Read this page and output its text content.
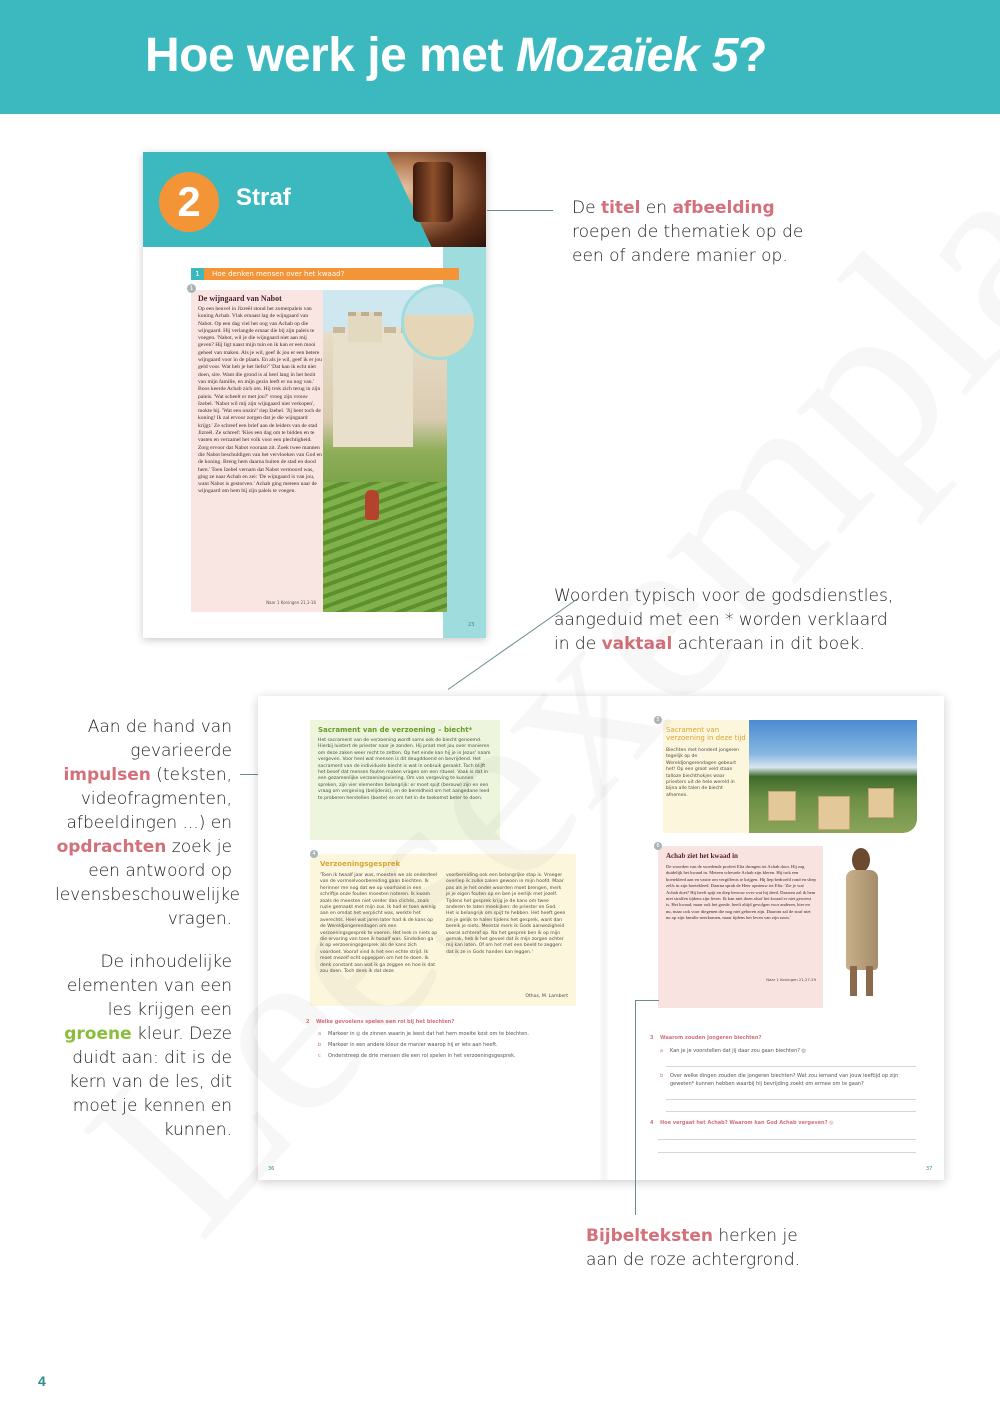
Hoe werk je met Mozaïek 5?
2	Straf
1	Hoe denken mensen over het kwaad?
1
De wijngaard van Nabot
Op een heuvel in Jizreël stond het zomerpaleis van koning Achab. Vlak ernaast lag de wijngaard van Nabot. Op een dag viel het oog van Achab op die wijngaard. Hij verlangde ernaar die bij zijn paleis te voegen. 'Nabot, wil je die wijngaard niet aan mij geven? Hij ligt naast mijn tuin en ik kan er een mooi geheel van maken. Als je wil, geef ik jou er een betere wijngaard voor in de plaats. En als je wil, geef ik er jou geld voor. Wat heb je het liefst?' 'Dat kan ik echt niet doen, sire. Want die grond is al heel lang in het bezit van mijn familie, en mijn gezin leeft er nu nog van.' Boos keerde Achab zich om. Hij trok zich terug in zijn paleis. 'Wat scheelt er met jou?' vroeg zijn vrouw Izebel. 'Nabot wil mij zijn wijngaard niet verkopen', mokte hij. 'Wat een onzin!' riep Izebel. 'Jij bent toch de koning! Ik zal ervoor zorgen dat je die wijngaard krijgt.' Ze schreef een brief aan de leiders van de stad Jizreël. Ze schreef: 'Kies een dag om te bidden en te vasten en verzamel het volk voor een plechtigheid. Zorg ervoor dat Nabot vooraan zit. Zoek twee mannen die Nabot beschuldigen van het vervloeken van God en de koning. Breng hem daarna buiten de stad en dood hem.' Toen Izebel vernam dat Nabot vermoord was, ging ze naar Achab en zei: 'De wijngaard is van jou, want Nabot is gestorven.' Achab ging meteen naar de wijngaard om hem bij zijn paleis te voegen.
Naar 1 Koningen 21,1-16
23
De titel en afbeelding roepen de thematiek op de een of andere manier op.
Woorden typisch voor de godsdienstles, aangeduid met een * worden verklaard in de vaktaal achteraan in dit boek.
Aan de hand van gevarieerde impulsen (teksten, videofragmenten, afbeeldingen ...) en opdrachten zoek je een antwoord op levensbeschouwelijke vragen.
De inhoudelijke elementen van een les krijgen een groene kleur. Deze duidt aan: dit is de kern van de les, dit moet je kennen en kunnen.
Sacrament van de verzoening – biecht*
Het sacrament van de verzoening wordt soms ook de biecht genoemd. Hierbij luistert de priester naar je zonden. Hij praat met jou over manieren om deze zaken weer recht te zetten. Op het einde kan hij je in Jezus' naam vergeven. Voor heel wat mensen is dit deugddoend en bevrijdend. Het sacrament van de individuele biecht is wat in onbruik geraakt. Toch blijft het besef dat mensen fouten maken vragen om een ritueel. Vaak is dat in een gezamenlijke verzoeningsviering. Om van vergeving te kunnen spreken, zijn vier elementen belangrijk: er moet spijt (berouw) zijn en een vraag om vergeving (belijdenis), en de bereidheid om het aangedane leed te proberen herstellen (boete) en om het in de toekomst beter te doen.
4
Verzoeningsgesprek
'Toen ik twaalf jaar was, moesten we als onderdeel van de vormselvoorbereiding gaan biechten. Ik herinner me nog dat we op voorhand in een schriftje onze fouten moesten noteren. Ik kwam zoals de meesten niet verder dan clichés, zoals ruzie gemaakt met mijn zus. Ik had er toen weinig aan en omdat het verplicht was, werkte het averechts. Heel wat jaren later had ik de kans op de Wereldjongerendagen om een verzoeningsgesprek te voeren. Het leek in niets op die ervaring van toen ik twaalf was. Sindsdien ga ik op verzoeningsgesprek als de kans zich voordoet. Vooraf vind ik het een echte strijd. Ik moet mezelf echt oppeppen om het te doen. Ik denk constant aan wat ik ga zeggen en hoe ik dat zou doen. Toch denk ik dat deze
voorbereiding ook een belangrijke stap is. Vroeger overliep ik zulke zaken gewoon in mijn hoofd. Maar pas als je het onder woorden moet brengen, merk je je eigen fouten op en ben je eerlijk met jezelf. Tijdens het gesprek krijg je de kans om twee anderen te laten meekijken: de priester en God. Het is belangrijk om spijt te hebben. Het heeft geen zin je gelijk te halen tijdens het gesprek, want dan bereik je niets. Meestal merk ik Gods aanwezigheid vooral achteraf op. Na het gesprek ben ik op mijn gemak, heb ik het gevoel dat ik mijn zorgen achter mij kan laten. Of om het met een beeld te zeggen: dat ik ze in Gods handen kan leggen.'
Othas, M. Lambert
2 Welke gevoelens spelen een rol bij het biechten?
a Markeer in ◎ de zinnen waarin je leest dat het hem moeite kost om te biechten.
b Markeer in een andere kleur de manier waarop hij er iets aan heeft.
c Onderstreep de drie mensen die een rol spelen in het verzoeningsgesprek.
36
5
Sacrament van verzoening in deze tijd
Biechten met honderd jongeren tegelijk op de Wereldjongerendagen gebeurt het! Op een groot veld staan talloze biechthokjes waar priesters uit de hele wereld in bijna alle talen de biecht afnemen.
6
Achab ziet het kwaad in
De woorden van de woedende profeet Elia drongen tot Achab door. Hij zag duidelijk het kwaad in. Meteen scheurde Achab zijn kleren. Hij trok een boetekleed aan en vastte om vergiffenis te krijgen. Hij liep bedroefd rond en sliep zelfs in zijn boetekleed. Daarna sprak de Heer opnieuw tot Elia: 'Zie je wat Achab doet? Hij heeft spijt en diep berouw over wat hij deed. Daarom zal ik hem niet straffen tijdens zijn leven. Ik kan niet doen alsof het kwaad er niet geweest is. Het kwaad, maar ook het goede, heeft altijd gevolgen voor anderen, hier en nu, maar ook voor diegenen die nog niet geboren zijn. Daarom zal de straf niet nu op zijn familie neerkomen, maar tijdens het leven van zijn zoon.'
Naar 1 Koningen 21,27-29
3 Waarom zouden jongeren biechten?
a Kan je je voorstellen dat jij daar zou gaan biechten? ◎
b Over welke dingen zouden die jongeren biechten? Wat zou iemand van jouw leeftijd op zijn
geweten* kunnen hebben waarbij hij bevrijding zoekt om ermee om te gaan?
4 Hoe vergaat het Achab? Waarom kan God Achab vergeven? ◎
37
Bijbelteksten herken je aan de roze achtergrond.
4
